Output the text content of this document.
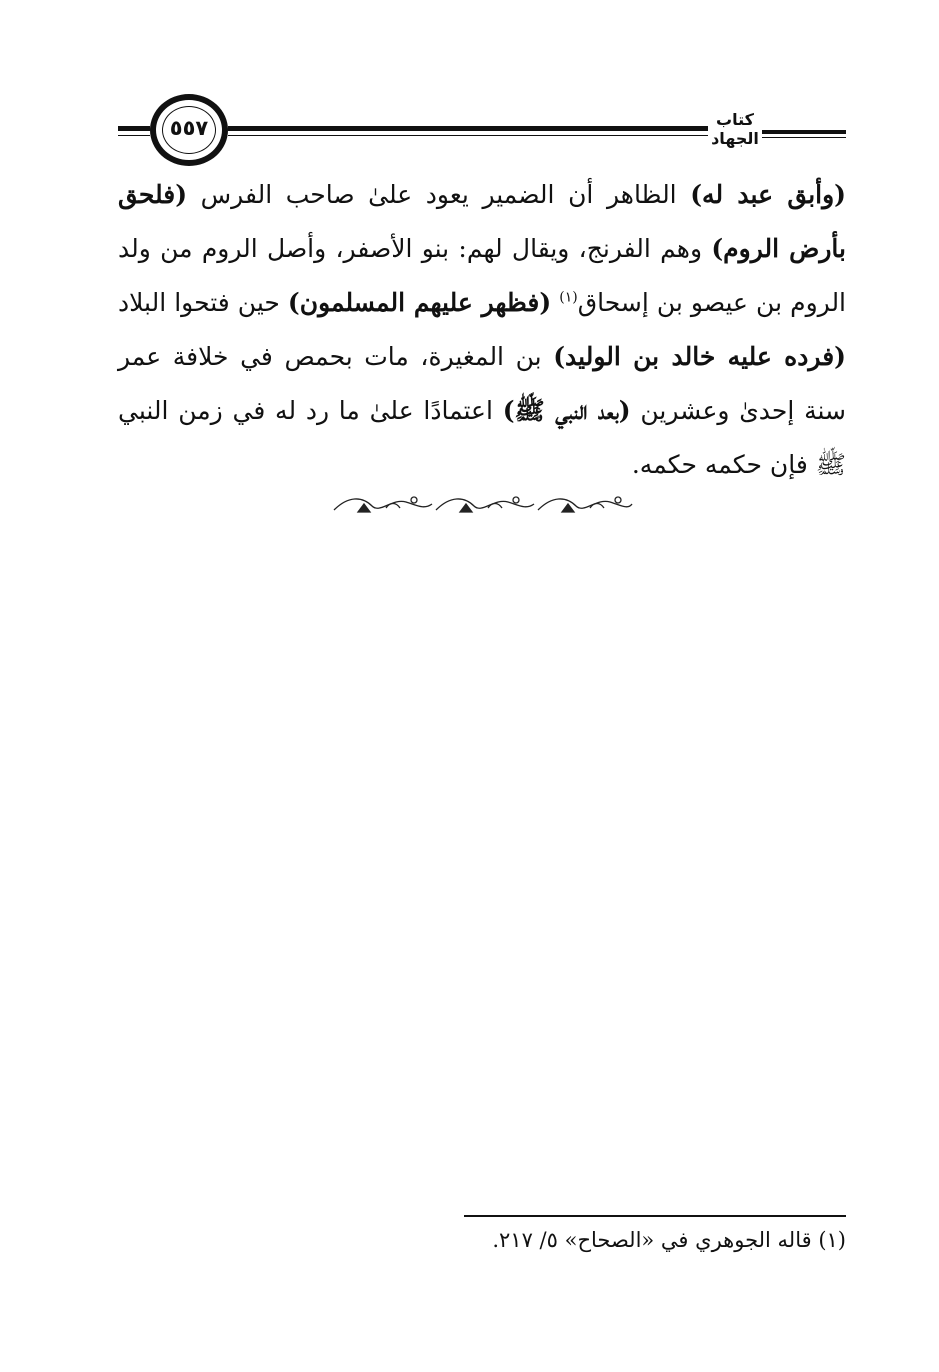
كتاب الجهاد
٥٥٧
(وأبق عبد له) الظاهر أن الضمير يعود علىٰ صاحب الفرس (فلحق بأرض الروم) وهم الفرنج، ويقال لهم: بنو الأصفر، وأصل الروم من ولد الروم بن عيصو بن إسحاق$^{(١)}$ (فظهر عليهم المسلمون) حين فتحوا البلاد (فرده عليه خالد بن الوليد) بن المغيرة، مات بحمص في خلافة عمر سنة إحدىٰ وعشرين (بعد النبي ﷺ) اعتمادًا علىٰ ما رد له في زمن النبي ﷺ فإن حكمه حكمه.
(١) قاله الجوهري في «الصحاح» ٥/ ٢١٧.
